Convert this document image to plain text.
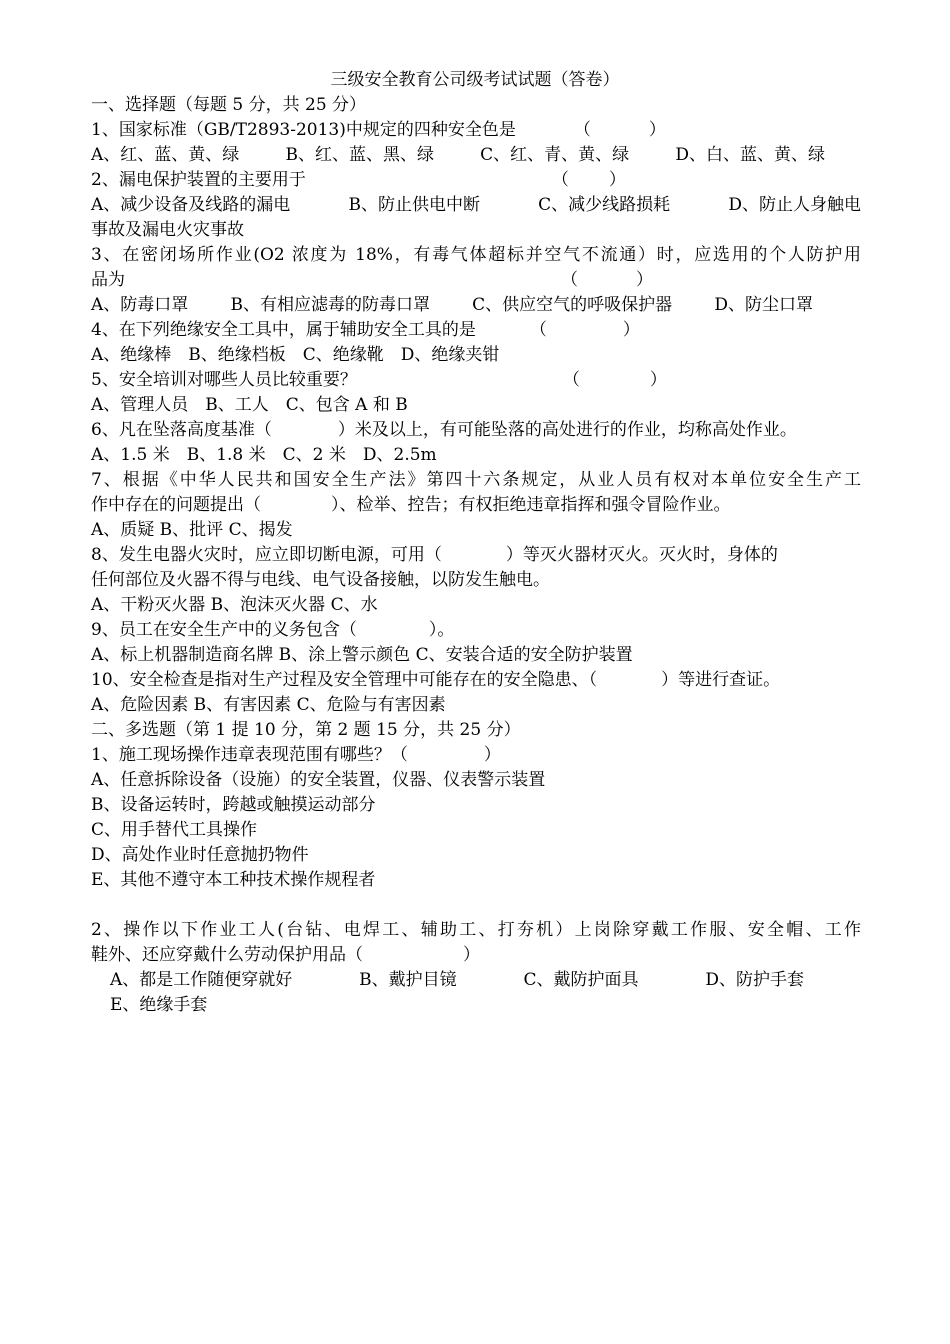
三级安全教育公司级考试试题（答卷）
一、选择题（每题 5 分，共 25 分）
1、国家标准（GB/T2893-2013)中规定的四种安全色是	（	）
A、红、蓝、黄、绿	B、红、蓝、黑、绿	C、红、青、黄、绿	D、白、蓝、黄、绿
2、漏电保护装置的主要用于	（ ）
A、减少设备及线路的漏电	B、防止供电中断	C、减少线路损耗	D、防止人身触电
事故及漏电火灾事故
3、在密闭场所作业(O2 浓度为 18%，有毒气体超标并空气不流通）时，应选用的个人防护用
品为	（	）
A、防毒口罩 B、有相应滤毒的防毒口罩 C、供应空气的呼吸保护器 D、防尘口罩
4、在下列绝缘安全工具中，属于辅助安全工具的是	（	）
A、绝缘棒　B、绝缘档板　C、绝缘靴　D、绝缘夹钳
5、安全培训对哪些人员比较重要？	（	）
A、管理人员　B、工人　C、包含 A 和 B
6、凡在坠落高度基准（	）米及以上，有可能坠落的高处进行的作业，均称高处作业。
A、1.5 米　B、1.8 米　C、2 米　D、2.5m
7、根据《中华人民共和国安全生产法》第四十六条规定，从业人员有权对本单位安全生产工
作中存在的问题提出（	）、检举、控告；有权拒绝违章指挥和强令冒险作业。
A、质疑 B、批评 C、揭发
8、发生电器火灾时，应立即切断电源，可用（	）等灭火器材灭火。灭火时，身体的
任何部位及火器不得与电线、电气设备接触，以防发生触电。
A、干粉灭火器 B、泡沫灭火器 C、水
9、员工在安全生产中的义务包含（	）。
A、标上机器制造商名牌 B、涂上警示颜色 C、安装合适的安全防护装置
10、安全检查是指对生产过程及安全管理中可能存在的安全隐患、（	）等进行查证。
A、危险因素 B、有害因素 C、危险与有害因素
二、多选题（第 1 提 10 分，第 2 题 15 分，共 25 分）
1、施工现场操作违章表现范围有哪些？（	）
A、任意拆除设备（设施）的安全装置，仪器、仪表警示装置
B、设备运转时，跨越或触摸运动部分
C、用手替代工具操作
D、高处作业时任意抛扔物件
E、其他不遵守本工种技术操作规程者
2、操作以下作业工人(台钻、电焊工、辅助工、打夯机）上岗除穿戴工作服、安全帽、工作
鞋外、还应穿戴什么劳动保护用品（	）
A、都是工作随便穿就好	B、戴护目镜	C、戴防护面具	D、防护手套
E、绝缘手套
